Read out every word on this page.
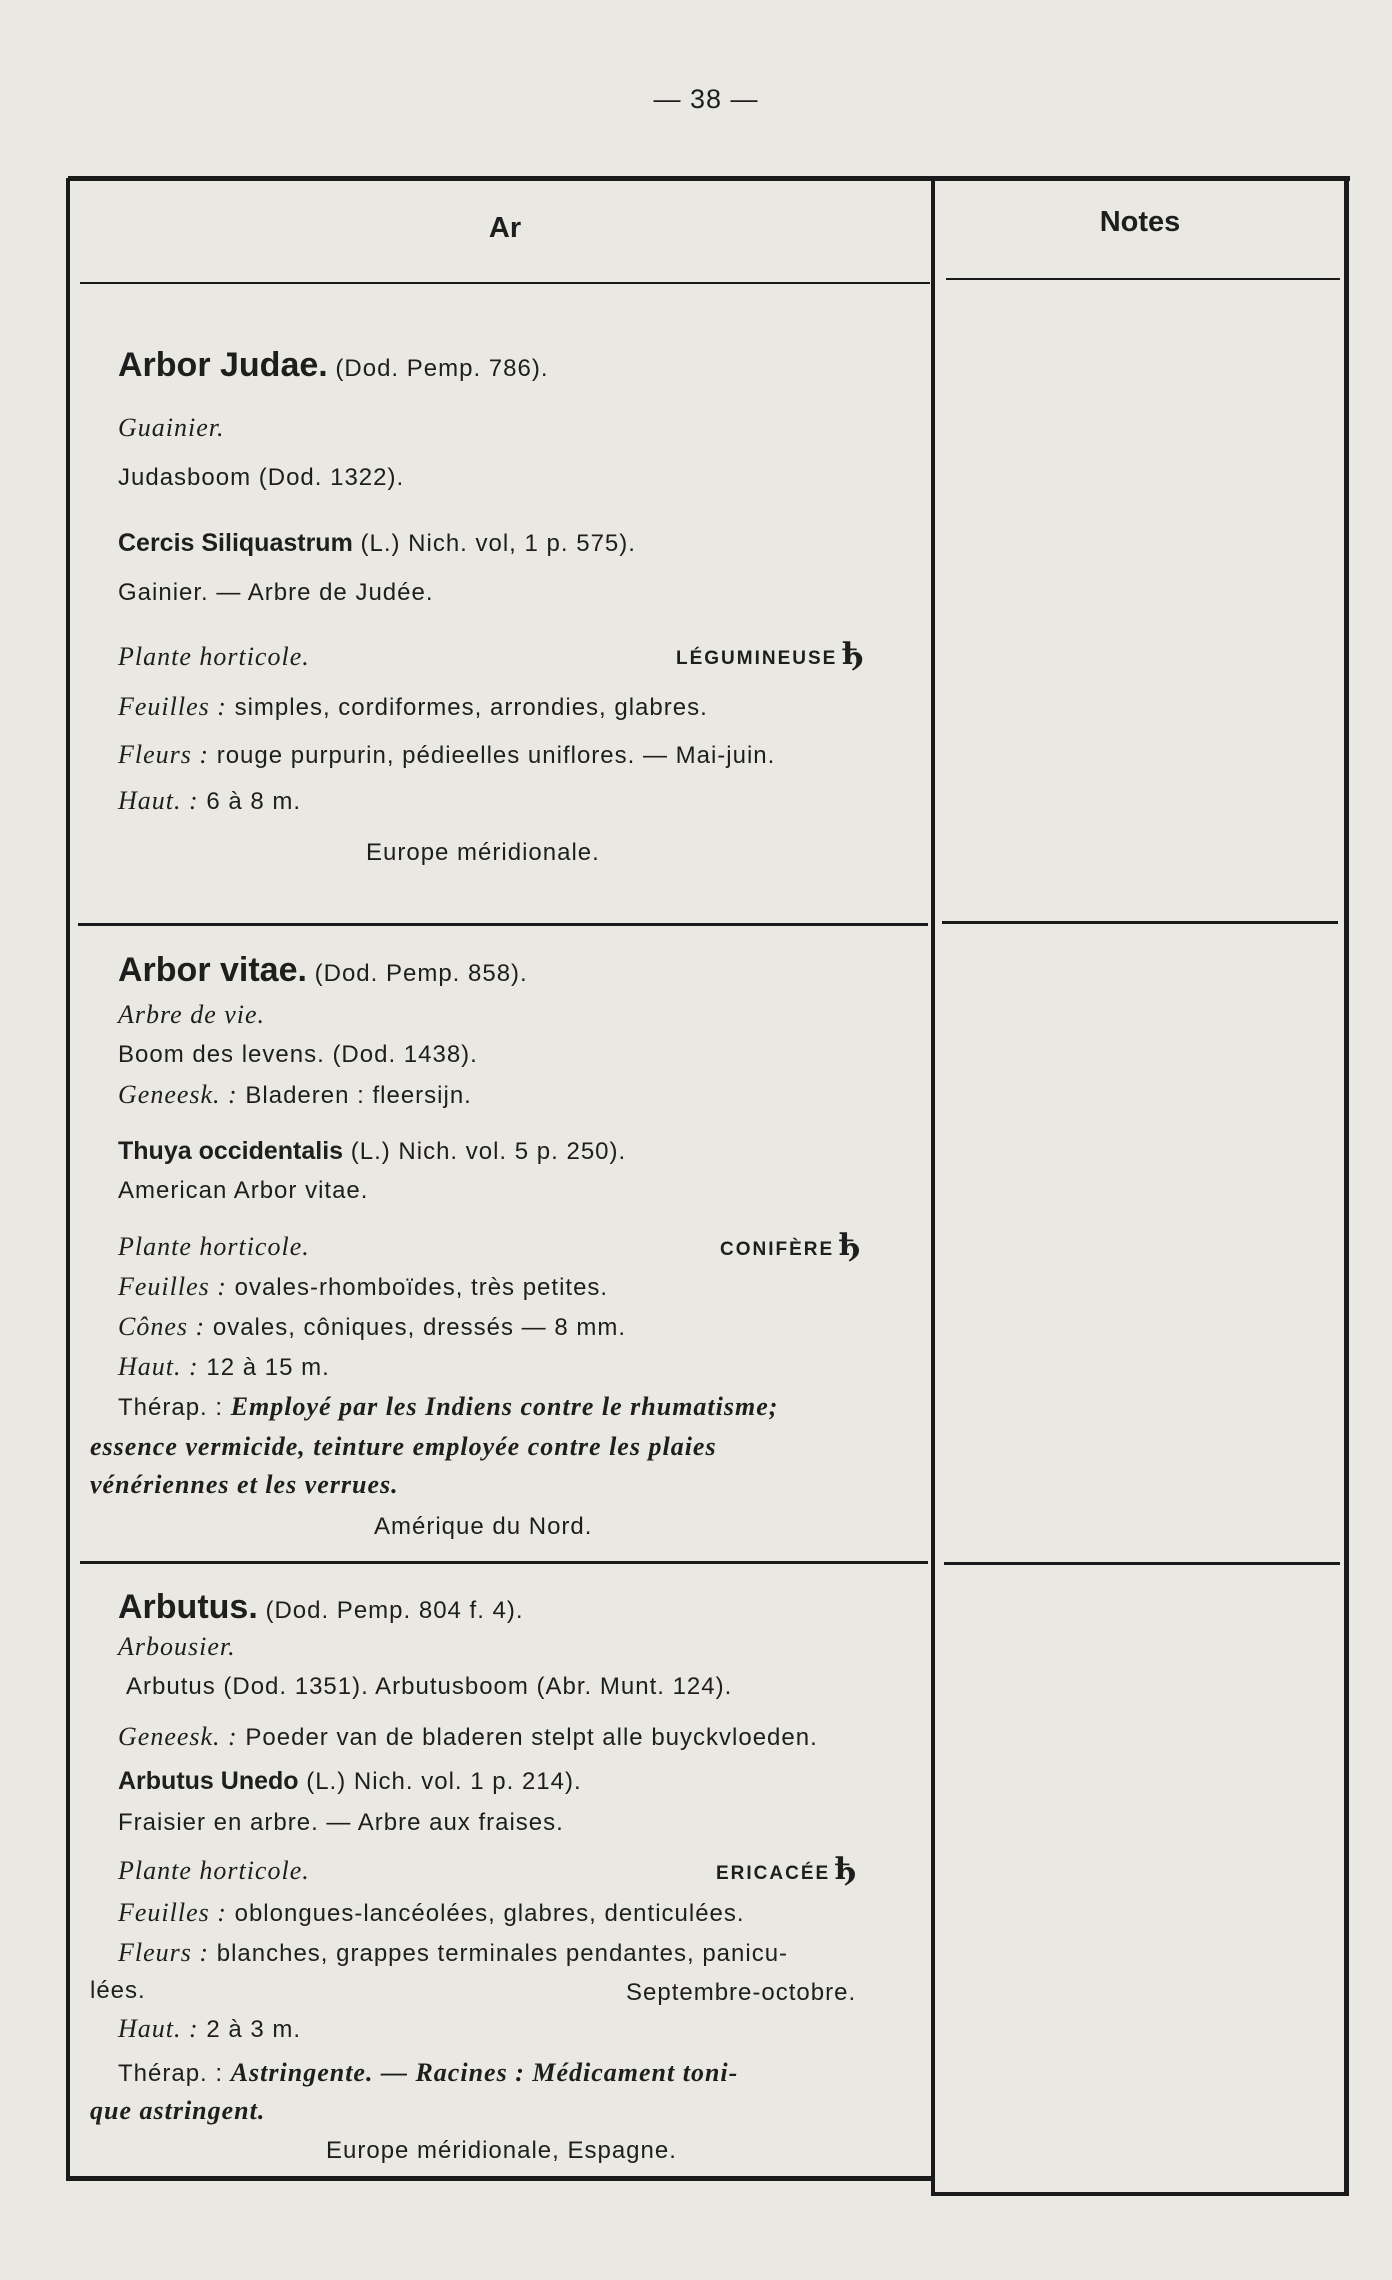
— 38 —
Ar	Notes
Arbor Judae. (Dod. Pemp. 786).
Guainier.
Judasboom (Dod. 1322).
Cercis Siliquastrum (L.) Nich. vol, 1 p. 575).
Gainier. — Arbre de Judée.
Plante horticole.	LÉGUMINEUSE ђ
Feuilles : simples, cordiformes, arrondies, glabres.
Fleurs : rouge purpurin, pédieelles uniflores. — Mai-juin.
Haut. : 6 à 8 m.
Europe méridionale.
Arbor vitae. (Dod. Pemp. 858).
Arbre de vie.
Boom des levens. (Dod. 1438).
Geneesk. : Bladeren : fleersijn.
Thuya occidentalis (L.) Nich. vol. 5 p. 250).
American Arbor vitae.
Plante horticole.	CONIFÈRE ђ
Feuilles : ovales-rhomboïdes, très petites.
Cônes : ovales, côniques, dressés — 8 mm.
Haut. : 12 à 15 m.
Thérap. : Employé par les Indiens contre le rhumatisme;
essence vermicide, teinture employée contre les plaies
vénériennes et les verrues.
Amérique du Nord.
Arbutus. (Dod. Pemp. 804 f. 4).
Arbousier.
Arbutus (Dod. 1351). Arbutusboom (Abr. Munt. 124).
Geneesk. : Poeder van de bladeren stelpt alle buyckvloeden.
Arbutus Unedo (L.) Nich. vol. 1 p. 214).
Fraisier en arbre. — Arbre aux fraises.
Plante horticole.	ERICACÉE ђ
Feuilles : oblongues-lancéolées, glabres, denticulées.
Fleurs : blanches, grappes terminales pendantes, panicu-
lées.	Septembre-octobre.
Haut. : 2 à 3 m.
Thérap. : Astringente. — Racines : Médicament toni-
que astringent.
Europe méridionale, Espagne.
